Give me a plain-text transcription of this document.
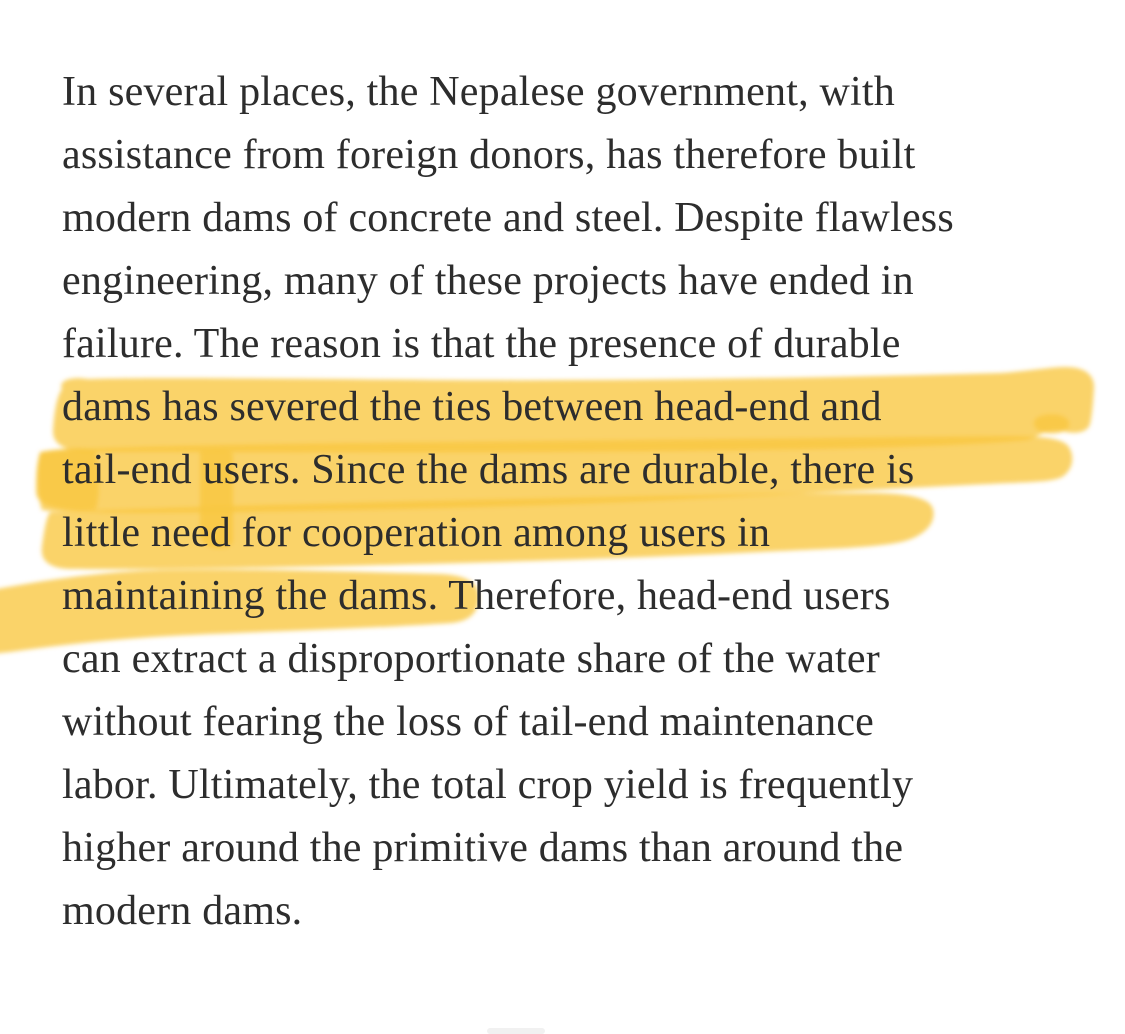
In several places, the Nepalese government, with
assistance from foreign donors, has therefore built
modern dams of concrete and steel. Despite flawless
engineering, many of these projects have ended in
failure. The reason is that the presence of durable
dams has severed the ties between head-end and
tail-end users. Since the dams are durable, there is
little need for cooperation among users in
maintaining the dams. Therefore, head-end users
can extract a disproportionate share of the water
without fearing the loss of tail-end maintenance
labor. Ultimately, the total crop yield is frequently
higher around the primitive dams than around the
modern dams.
